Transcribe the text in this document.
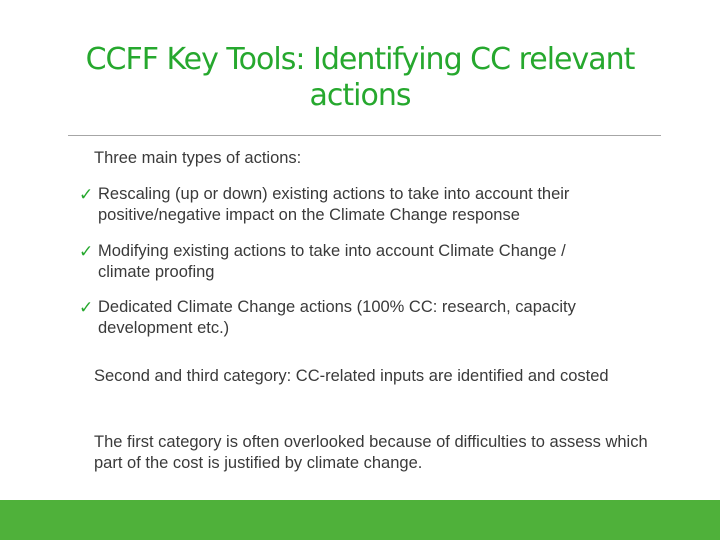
CCFF Key Tools: Identifying CC relevant actions
Three main types of actions:
✓ Rescaling (up or down) existing actions to take into account their
positive/negative impact on the Climate Change response
✓ Modifying existing actions to take into account Climate Change /
climate proofing
✓ Dedicated Climate Change actions (100% CC: research, capacity
development etc.)
Second and third category: CC-related inputs are identified and costed
The first category is often overlooked because of difficulties to assess which part of the cost is justified by climate change.
